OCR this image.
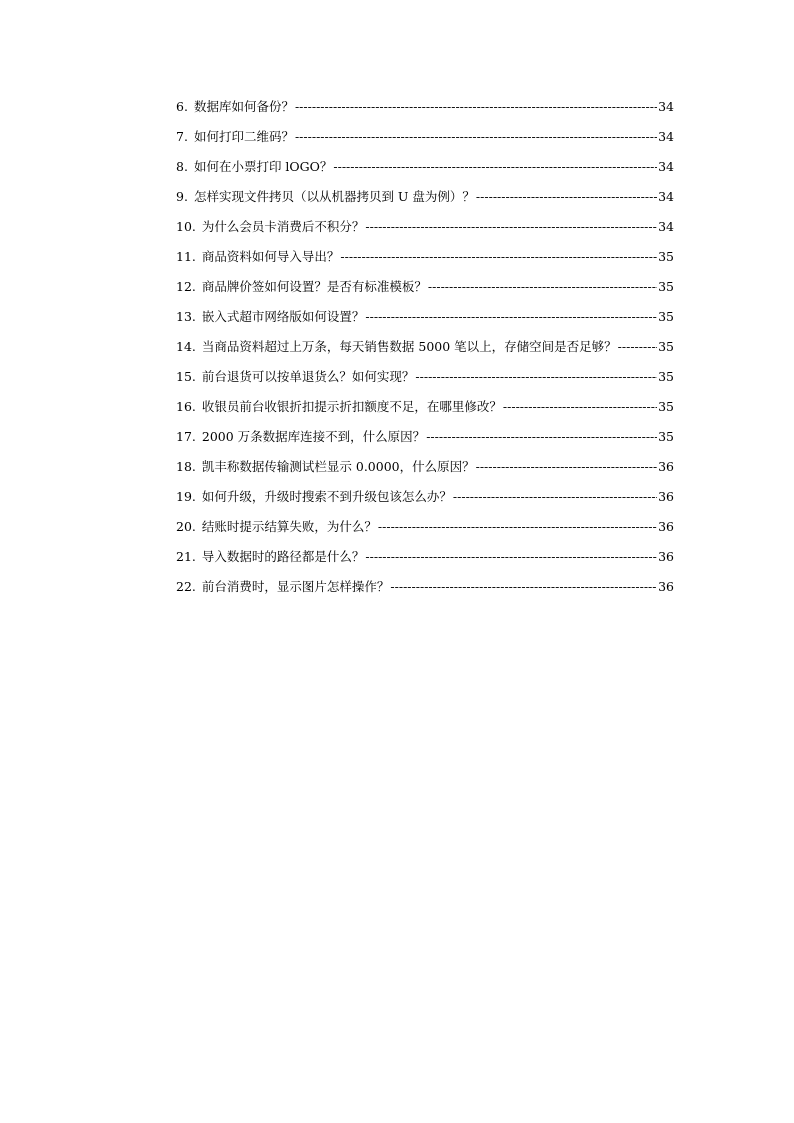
6. 数据库如何备份？ -----	34
7. 如何打印二维码？ -----	34
8. 如何在小票打印 lOGO？ -----	34
9. 怎样实现文件拷贝（以从机器拷贝到 U 盘为例）？ -----	34
10. 为什么会员卡消费后不积分？ -----	34
11. 商品资料如何导入导出？ -----	35
12. 商品牌价签如何设置？是否有标准模板？ -----	35
13. 嵌入式超市网络版如何设置？ -----	35
14. 当商品资料超过上万条，每天销售数据 5000 笔以上，存储空间是否足够？ -----	35
15. 前台退货可以按单退货么？如何实现？ -----	35
16. 收银员前台收银折扣提示折扣额度不足，在哪里修改？ -----	35
17. 2000 万条数据库连接不到，什么原因？ -----	35
18. 凯丰称数据传输测试栏显示 0.0000，什么原因？ -----	36
19. 如何升级，升级时搜索不到升级包该怎么办？ -----	36
20. 结账时提示结算失败，为什么？ -----	36
21. 导入数据时的路径都是什么？ -----	36
22. 前台消费时，显示图片怎样操作？ -----	36
